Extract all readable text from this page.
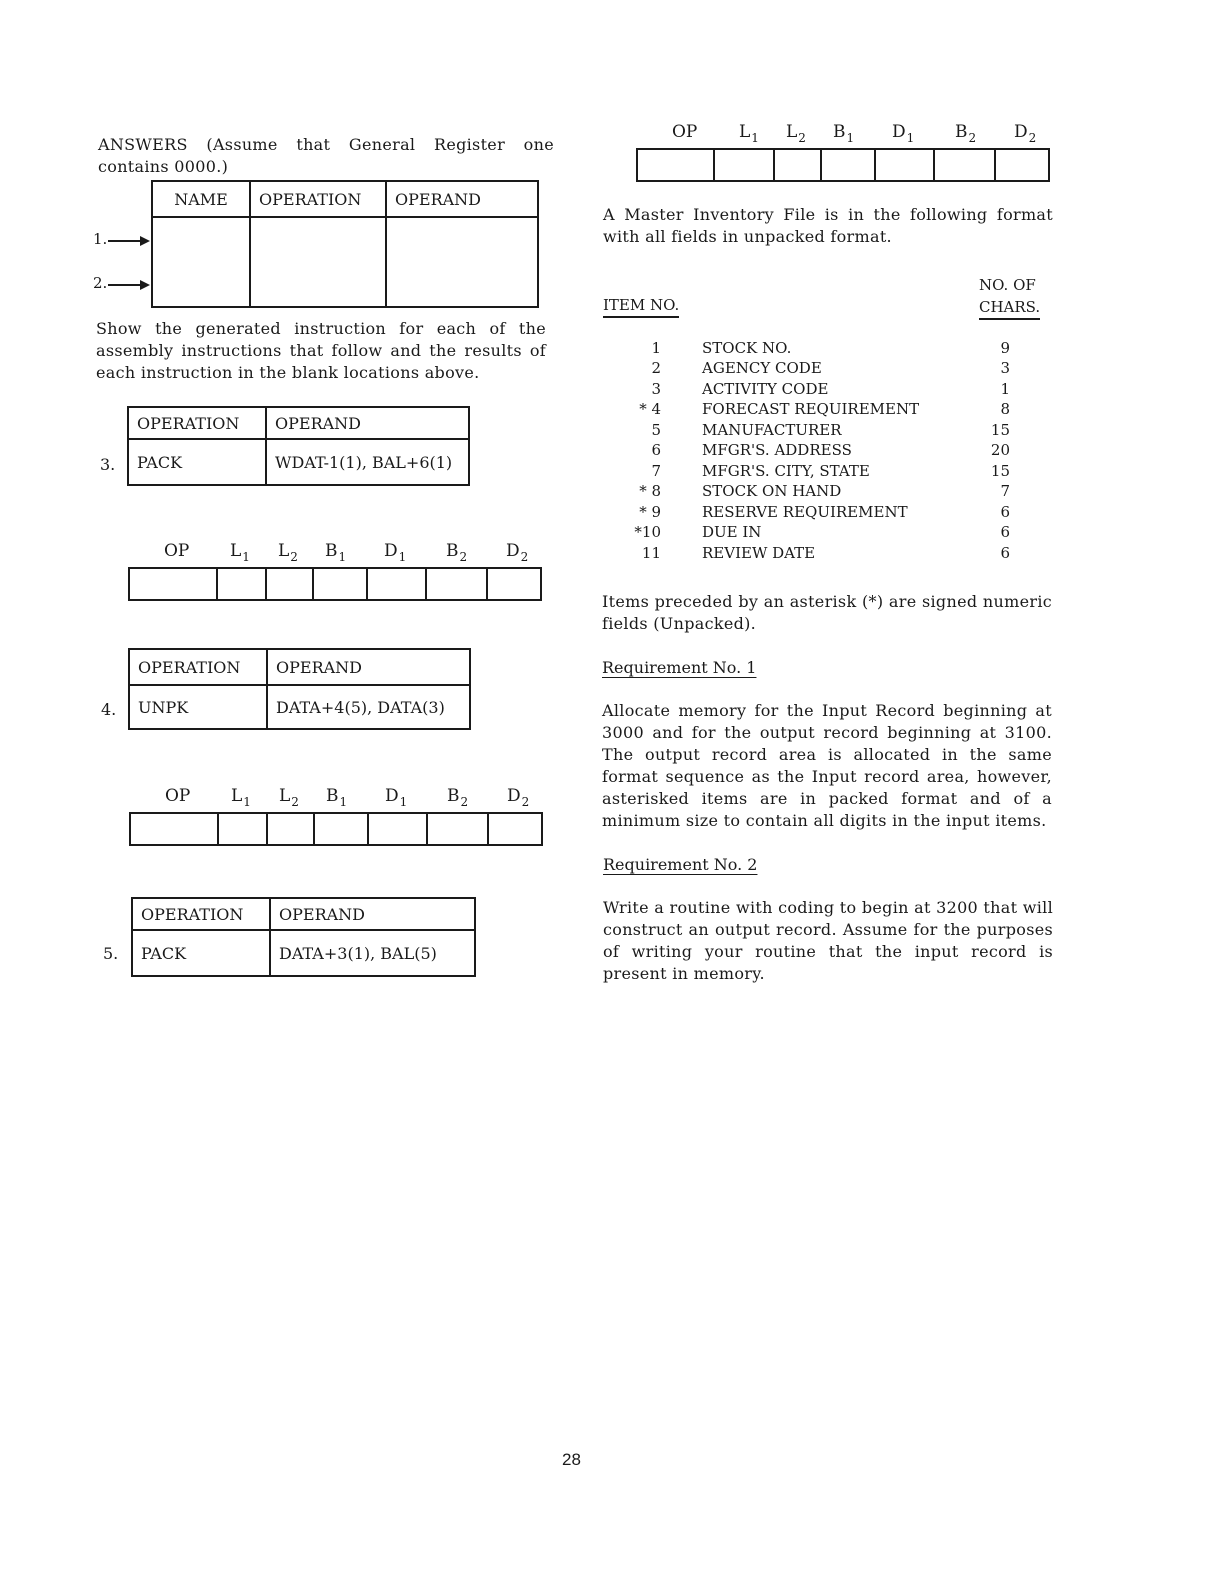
ANSWERS (Assume that General Register one contains 0000.)
NAME	OPERATION	OPERAND

1.
2.
Show the generated instruction for each of the assembly instructions that follow and the results of each instruction in the blank locations above.
3.
OPERATION	OPERAND
PACK	WDAT-1(1), BAL+6(1)
OP $L_1$ $L_2$ $B_1$ $D_1$ $B_2$ $D_2$
4.
OPERATION	OPERAND
UNPK	DATA+4(5), DATA(3)
OP $L_1$ $L_2$ $B_1$ $D_1$ $B_2$ $D_2$
5.
OPERATION	OPERAND
PACK	DATA+3(1), BAL(5)
OP $L_1$ $L_2$ $B_1$ $D_1$ $B_2$ $D_2$
A Master Inventory File is in the following format with all fields in unpacked format.
ITEM NO.
NO. OF
CHARS.
1	STOCK NO.	9
2	AGENCY CODE	3
3	ACTIVITY CODE	1
* 4	FORECAST REQUIREMENT	8
5	MANUFACTURER	15
6	MFGR'S. ADDRESS	20
7	MFGR'S. CITY, STATE	15
* 8	STOCK ON HAND	7
* 9	RESERVE REQUIREMENT	6
*10	DUE IN	6
11	REVIEW DATE	6
Items preceded by an asterisk (*) are signed numeric fields (Unpacked).
Requirement No. 1
Allocate memory for the Input Record beginning at 3000 and for the output record beginning at 3100. The output record area is allocated in the same format sequence as the Input record area, however, asterisked items are in packed format and of a minimum size to contain all digits in the input items.
Requirement No. 2
Write a routine with coding to begin at 3200 that will construct an output record. Assume for the purposes of writing your routine that the input record is present in memory.
28
